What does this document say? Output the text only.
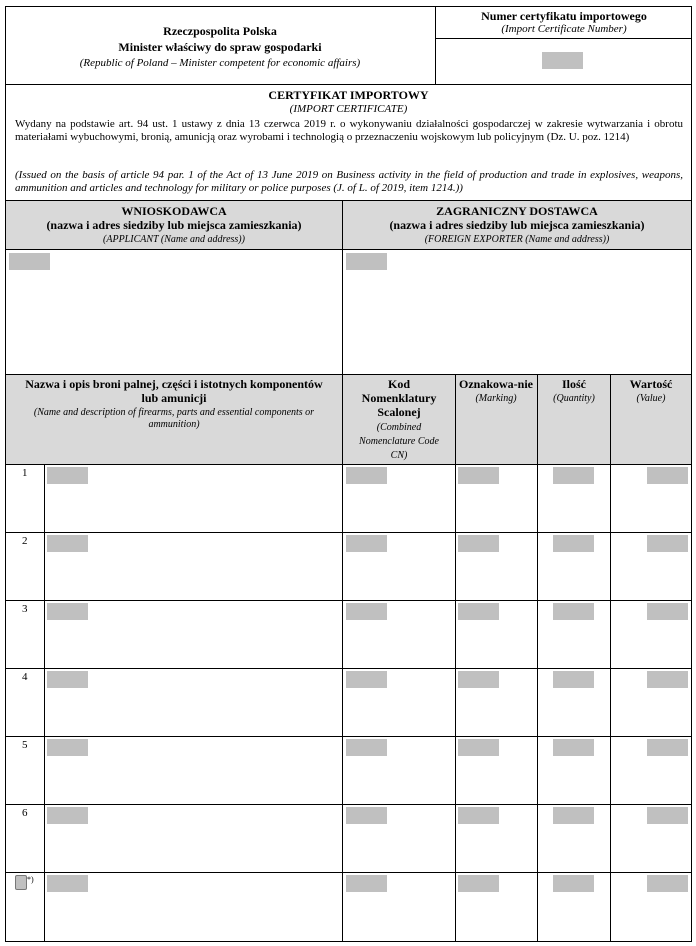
Rzeczpospolita Polska
Minister właściwy do spraw gospodarki
(Republic of Poland – Minister competent for economic affairs)
Numer certyfikatu importowego
(Import Certificate Number)
CERTYFIKAT IMPORTOWY
(IMPORT CERTIFICATE)
Wydany na podstawie art. 94 ust. 1 ustawy z dnia 13 czerwca 2019 r. o wykonywaniu działalności gospodarczej w zakresie wytwarzania i obrotu materiałami wybuchowymi, bronią, amunicją oraz wyrobami i technologią o przeznaczeniu wojskowym lub policyjnym (Dz. U. poz. 1214)
(Issued on the basis of article 94 par. 1 of the Act of 13 June 2019 on Business activity in the field of production and trade in explosives, weapons, ammunition and articles and technology for military or police purposes (J. of L. of 2019, item 1214.))
WNIOSKODAWCA
(nazwa i adres siedziby lub miejsca zamieszkania)
(APPLICANT (Name and address))
ZAGRANICZNY DOSTAWCA
(nazwa i adres siedziby lub miejsca zamieszkania)
(FOREIGN EXPORTER (Name and address))
Nazwa i opis broni palnej, części i istotnych komponentów lub amunicji
(Name and description of firearms, parts and essential components or ammunition)
Kod Nomenklatury Scalonej
(Combined Nomenclature Code CN)
Oznakowa-nie
(Marking)
Ilość
(Quantity)
Wartość
(Value)
1
2
3
4
5
6
*)
